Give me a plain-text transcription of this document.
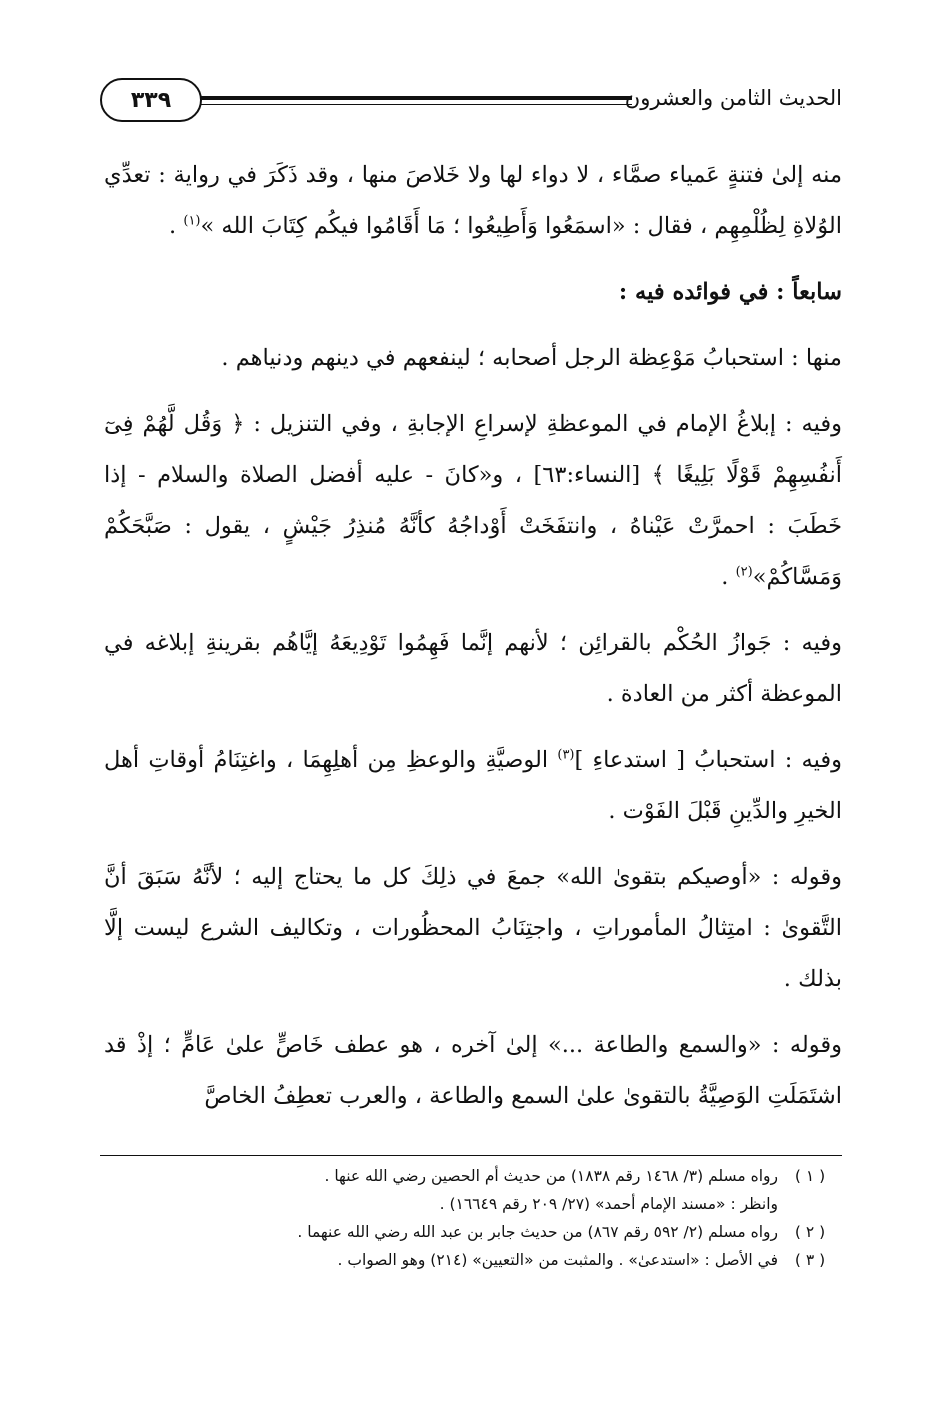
الحديث الثامن والعشرون
٣٣٩

منه إلىٰ فتنةٍ عَمياء صمَّاء ، لا دواء لها ولا خَلاصَ منها ، وقد ذَكَرَ في رواية : تعدِّي الوُلاةِ لِظُلْمِهِم ، فقال : «اسمَعُوا وَأَطِيعُوا ؛ مَا أَقَامُوا فيكُم كِتَابَ الله »$^{(١)}$ .

سابعاً : في فوائده فيه :

منها : استحبابُ مَوْعِظة الرجل أصحابه ؛ لينفعهم في دينهم ودنياهم .

وفيه : إبلاغُ الإمام في الموعظةِ لإسراعِ الإجابةِ ، وفي التنزيل : ﴿ وَقُل لَّهُمْ فِىٓ أَنفُسِهِمْ قَوْلًا بَلِيغًا ﴾ [النساء:٦٣] ، و«كانَ - عليه أفضل الصلاة والسلام - إذا خَطَبَ : احمرَّتْ عَيْناهُ ، وانتفَخَتْ أَوْداجُهُ كأنَّهُ مُنذِرُ جَيْشٍ ، يقول : صَبَّحَكُمْ وَمَسَّاكُمْ»$^{(٢)}$ .

وفيه : جَوازُ الحُكْم بالقرائِن ؛ لأنهم إنَّما فَهِمُوا تَوْدِيعَهُ إيَّاهُم بقرينةِ إبلاغه في الموعظة أكثر من العادة .

وفيه : استحبابُ [ استدعاءِ ]$^{(٣)}$ الوصيَّةِ والوعظِ مِن أهلِهِمَا ، واغتِنَامُ أوقاتِ أهل الخيرِ والدِّينِ قَبْلَ الفَوْت .

وقوله : «أوصيكم بتقوىٰ الله» جمعَ في ذلِكَ كل ما يحتاج إليه ؛ لأنَّهُ سَبَقَ أنَّ التَّقوىٰ : امتِثالُ المأموراتِ ، واجتِنَابُ المحظُورات ، وتكاليف الشرع ليست إلَّا بذلك .

وقوله : «والسمع والطاعة ...» إلىٰ آخره ، هو عطف خَاصٍّ علىٰ عَامٍّ ؛ إذْ قد اشتَمَلَتِ الوَصِيَّةُ بالتقوىٰ علىٰ السمع والطاعة ، والعرب تعطِفُ الخاصَّ

( ١ )
رواه مسلم (٣/ ١٤٦٨ رقم ١٨٣٨) من حديث أم الحصين رضي الله عنها .
وانظر : «مسند الإمام أحمد» (٢٧/ ٢٠٩ رقم ١٦٦٤٩) .
( ٢ )
رواه مسلم (٢/ ٥٩٢ رقم ٨٦٧) من حديث جابر بن عبد الله رضي الله عنهما .
( ٣ )
في الأصل : «استدعىٰ» . والمثبت من «التعيين» (٢١٤) وهو الصواب .
